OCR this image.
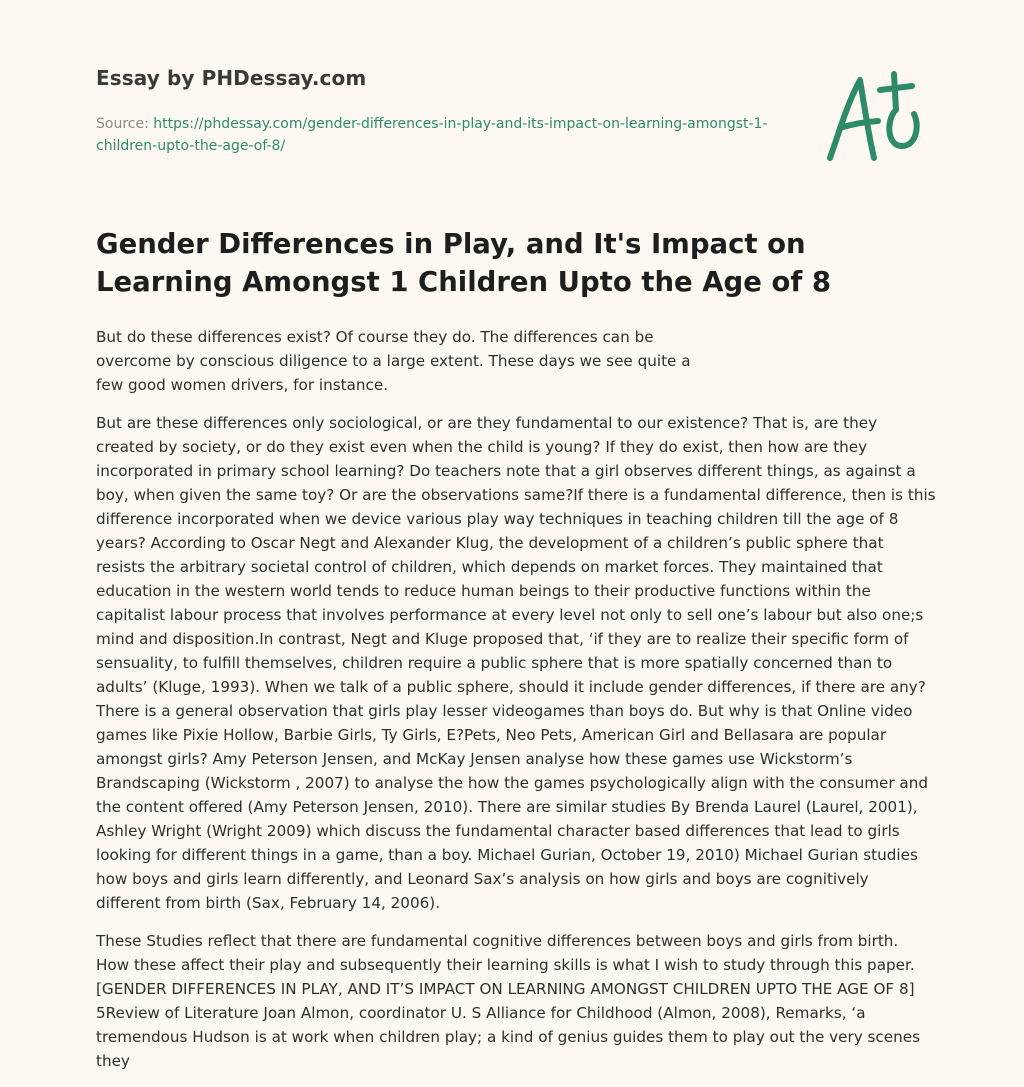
Essay by PHDessay.com
Source: https://phdessay.com/gender-differences-in-play-and-its-impact-on-learning-amongst-1-children-upto-the-age-of-8/
Gender Differences in Play, and It's Impact on Learning Amongst 1 Children Upto the Age of 8

But do these differences exist? Of course they do. The differences can be overcome by conscious diligence to a large extent. These days we see quite a few good women drivers, for instance.

But are these differences only sociological, or are they fundamental to our existence? That is, are they created by society, or do they exist even when the child is young? If they do exist, then how are they incorporated in primary school learning? Do teachers note that a girl observes different things, as against a boy, when given the same toy? Or are the observations same?If there is a fundamental difference, then is this difference incorporated when we device various play way techniques in teaching children till the age of 8 years? According to Oscar Negt and Alexander Klug, the development of a children’s public sphere that resists the arbitrary societal control of children, which depends on market forces. They maintained that education in the western world tends to reduce human beings to their productive functions within the capitalist labour process that involves performance at every level not only to sell one’s labour but also one;s mind and disposition.In contrast, Negt and Kluge proposed that, ‘if they are to realize their specific form of sensuality, to fulfill themselves, children require a public sphere that is more spatially concerned than to adults’ (Kluge, 1993). When we talk of a public sphere, should it include gender differences, if there are any? There is a general observation that girls play lesser videogames than boys do. But why is that Online video games like Pixie Hollow, Barbie Girls, Ty Girls, E?Pets, Neo Pets, American Girl and Bellasara are popular amongst girls? Amy Peterson Jensen, and McKay Jensen analyse how these games use Wickstorm’s Brandscaping (Wickstorm , 2007) to analyse the how the games psychologically align with the consumer and the content offered (Amy Peterson Jensen, 2010). There are similar studies By Brenda Laurel (Laurel, 2001), Ashley Wright (Wright 2009) which discuss the fundamental character based differences that lead to girls looking for different things in a game, than a boy. Michael Gurian, October 19, 2010) Michael Gurian studies how boys and girls learn differently, and Leonard Sax’s analysis on how girls and boys are cognitively different from birth (Sax, February 14, 2006).

These Studies reflect that there are fundamental cognitive differences between boys and girls from birth. How these affect their play and subsequently their learning skills is what I wish to study through this paper. [GENDER DIFFERENCES IN PLAY, AND IT’S IMPACT ON LEARNING AMONGST CHILDREN UPTO THE AGE OF 8] 5Review of Literature Joan Almon, coordinator U. S Alliance for Childhood (Almon, 2008), Remarks, ‘a tremendous Hudson is at work when children play; a kind of genius guides them to play out the very scenes they
